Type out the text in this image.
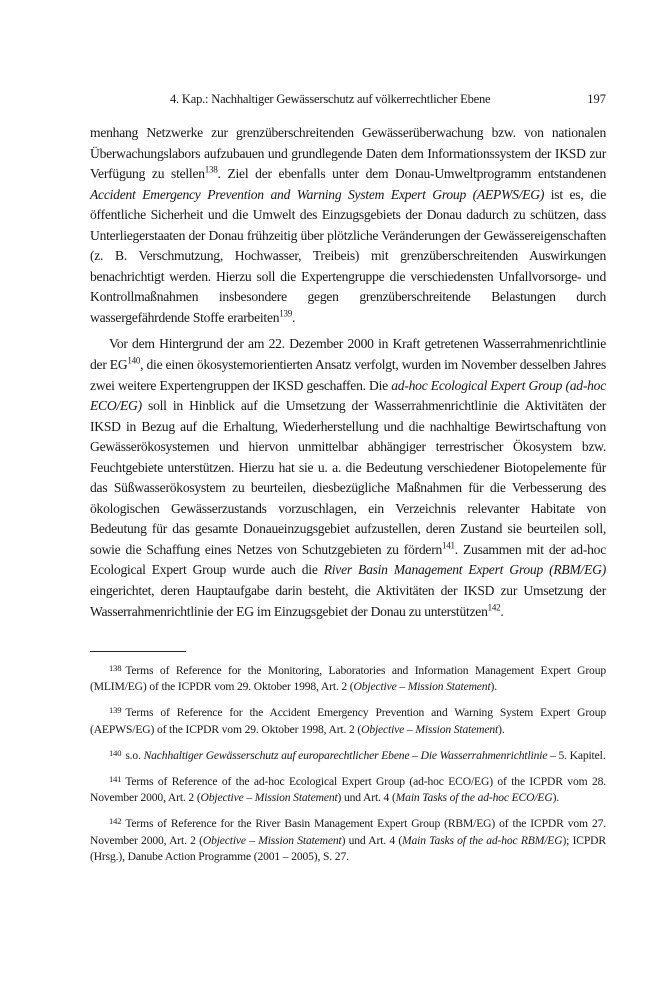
4. Kap.: Nachhaltiger Gewässerschutz auf völkerrechtlicher Ebene	197

menhang Netzwerke zur grenzüberschreitenden Gewässerüberwachung bzw. von nationalen Überwachungslabors aufzubauen und grundlegende Daten dem Informationssystem der IKSD zur Verfügung zu stellen$^{138}$. Ziel der ebenfalls unter dem Donau-Umweltprogramm entstandenen Accident Emergency Prevention and Warning System Expert Group (AEPWS/EG) ist es, die öffentliche Sicherheit und die Umwelt des Einzugsgebiets der Donau dadurch zu schützen, dass Unterliegerstaaten der Donau frühzeitig über plötzliche Veränderungen der Gewässereigenschaften (z. B. Verschmutzung, Hochwasser, Treibeis) mit grenzüberschreitenden Auswirkungen benachrichtigt werden. Hierzu soll die Expertengruppe die verschiedensten Unfallvorsorge- und Kontrollmaßnahmen insbesondere gegen grenzüberschreitende Belastungen durch wassergefährdende Stoffe erarbeiten$^{139}$.

Vor dem Hintergrund der am 22. Dezember 2000 in Kraft getretenen Wasserrahmenrichtlinie der EG$^{140}$, die einen ökosystemorientierten Ansatz verfolgt, wurden im November desselben Jahres zwei weitere Expertengruppen der IKSD geschaffen. Die ad-hoc Ecological Expert Group (ad-hoc ECO/EG) soll in Hinblick auf die Umsetzung der Wasserrahmenrichtlinie die Aktivitäten der IKSD in Bezug auf die Erhaltung, Wiederherstellung und die nachhaltige Bewirtschaftung von Gewässerökosystemen und hiervon unmittelbar abhängiger terrestrischer Ökosystem bzw. Feuchtgebiete unterstützen. Hierzu hat sie u. a. die Bedeutung verschiedener Biotopelemente für das Süßwasserökosystem zu beurteilen, diesbezügliche Maßnahmen für die Verbesserung des ökologischen Gewässerzustands vorzuschlagen, ein Verzeichnis relevanter Habitate von Bedeutung für das gesamte Donaueinzugsgebiet aufzustellen, deren Zustand sie beurteilen soll, sowie die Schaffung eines Netzes von Schutzgebieten zu fördern$^{141}$. Zusammen mit der ad-hoc Ecological Expert Group wurde auch die River Basin Management Expert Group (RBM/EG) eingerichtet, deren Hauptaufgabe darin besteht, die Aktivitäten der IKSD zur Umsetzung der Wasserrahmenrichtlinie der EG im Einzugsgebiet der Donau zu unterstützen$^{142}$.

$^{138}$ Terms of Reference for the Monitoring, Laboratories and Information Management Expert Group (MLIM/EG) of the ICPDR vom 29. Oktober 1998, Art. 2 (Objective – Mission Statement).

$^{139}$ Terms of Reference for the Accident Emergency Prevention and Warning System Expert Group (AEPWS/EG) of the ICPDR vom 29. Oktober 1998, Art. 2 (Objective – Mission Statement).

$^{140}$ s.o. Nachhaltiger Gewässerschutz auf europarechtlicher Ebene – Die Wasserrahmenrichtlinie – 5. Kapitel.

$^{141}$ Terms of Reference of the ad-hoc Ecological Expert Group (ad-hoc ECO/EG) of the ICPDR vom 28. November 2000, Art. 2 (Objective – Mission Statement) und Art. 4 (Main Tasks of the ad-hoc ECO/EG).

$^{142}$ Terms of Reference for the River Basin Management Expert Group (RBM/EG) of the ICPDR vom 27. November 2000, Art. 2 (Objective – Mission Statement) und Art. 4 (Main Tasks of the ad-hoc RBM/EG); ICPDR (Hrsg.), Danube Action Programme (2001 – 2005), S. 27.
